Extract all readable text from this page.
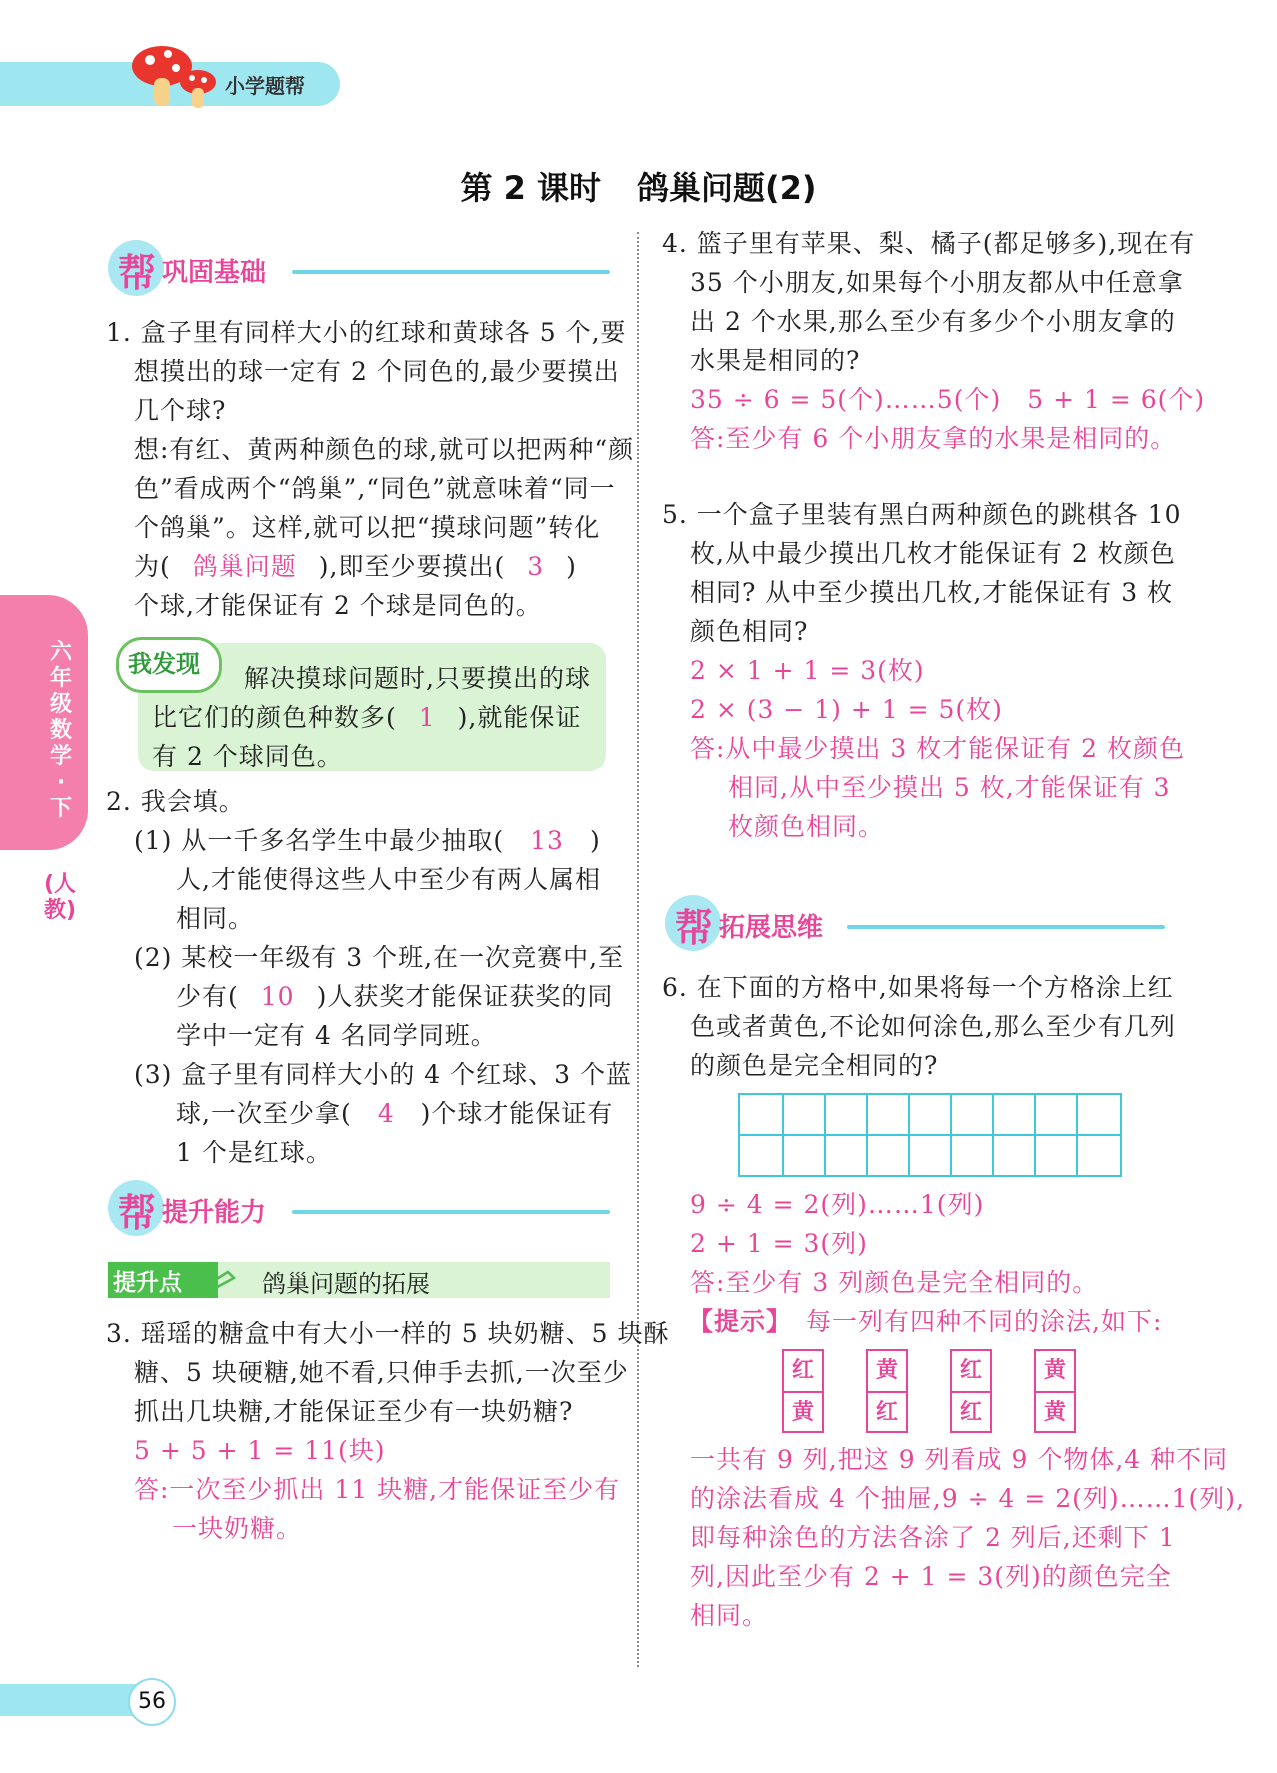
小学题帮
第 2 课时 鸽巢问题(2)
六年级数学·下
(人教)
帮 巩固基础
1. 盒子里有同样大小的红球和黄球各 5 个,要
想摸出的球一定有 2 个同色的,最少要摸出
几个球?
想:有红、黄两种颜色的球,就可以把两种“颜
色”看成两个“鸽巢”,“同色”就意味着“同一
个鸽巢”。这样,就可以把“摸球问题”转化
为( 鸽巢问题 ),即至少要摸出( 3 )
个球,才能保证有 2 个球是同色的。
我发现 解决摸球问题时,只要摸出的球
比它们的颜色种数多( 1 ),就能保证
有 2 个球同色。
2. 我会填。
(1) 从一千多名学生中最少抽取( 13 )
人,才能使得这些人中至少有两人属相
相同。
(2) 某校一年级有 3 个班,在一次竞赛中,至
少有( 10 )人获奖才能保证获奖的同
学中一定有 4 名同学同班。
(3) 盒子里有同样大小的 4 个红球、3 个蓝
球,一次至少拿( 4 )个球才能保证有
1 个是红球。
帮 提升能力
提升点	鸽巢问题的拓展
3. 瑶瑶的糖盒中有大小一样的 5 块奶糖、5 块酥
糖、5 块硬糖,她不看,只伸手去抓,一次至少
抓出几块糖,才能保证至少有一块奶糖?
5 + 5 + 1 = 11(块)
答:一次至少抓出 11 块糖,才能保证至少有
一块奶糖。
4. 篮子里有苹果、梨、橘子(都足够多),现在有
35 个小朋友,如果每个小朋友都从中任意拿
出 2 个水果,那么至少有多少个小朋友拿的
水果是相同的?
35 ÷ 6 = 5(个)……5(个)　5 + 1 = 6(个)
答:至少有 6 个小朋友拿的水果是相同的。
5. 一个盒子里装有黑白两种颜色的跳棋各 10
枚,从中最少摸出几枚才能保证有 2 枚颜色
相同? 从中至少摸出几枚,才能保证有 3 枚
颜色相同?
2 × 1 + 1 = 3(枚)
2 × (3 − 1) + 1 = 5(枚)
答:从中最少摸出 3 枚才能保证有 2 枚颜色
相同,从中至少摸出 5 枚,才能保证有 3
枚颜色相同。
帮 拓展思维
6. 在下面的方格中,如果将每一个方格涂上红
色或者黄色,不论如何涂色,那么至少有几列
的颜色是完全相同的?
9 ÷ 4 = 2(列)……1(列)
2 + 1 = 3(列)
答:至少有 3 列颜色是完全相同的。
【提示】 每一列有四种不同的涂法,如下:
红
黄
黄
红
红
红
黄
黄
一共有 9 列,把这 9 列看成 9 个物体,4 种不同
的涂法看成 4 个抽屉,9 ÷ 4 = 2(列)……1(列),
即每种涂色的方法各涂了 2 列后,还剩下 1
列,因此至少有 2 + 1 = 3(列)的颜色完全
相同。
56
